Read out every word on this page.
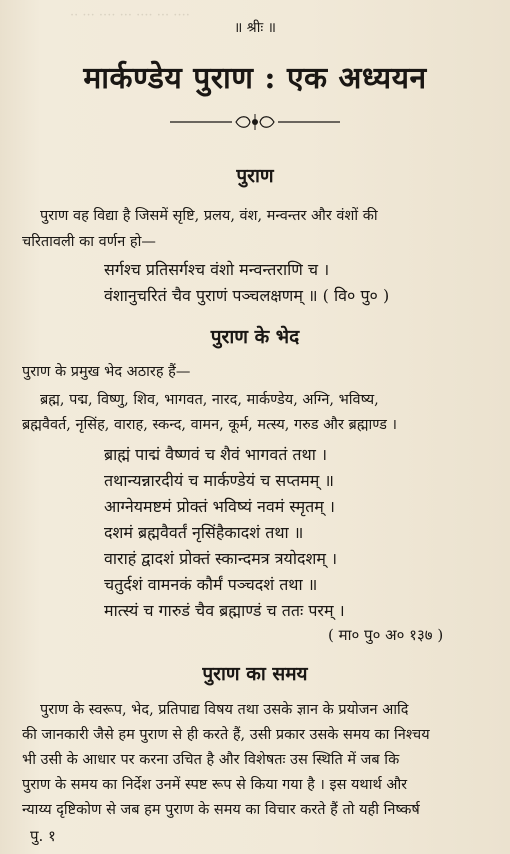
·· ··· ···· ··· ···· ··· ····
॥ श्रीः ॥
मार्कण्डेय पुराण : एक अध्ययन
पुराण
पुराण वह विद्या है जिसमें सृष्टि, प्रलय, वंश, मन्वन्तर और वंशों की
चरितावली का वर्णन हो—
सर्गश्च प्रतिसर्गश्च वंशो मन्वन्तराणि च ।
वंशानुचरितं चैव पुराणं पञ्चलक्षणम् ॥ ( वि० पु० )
पुराण के भेद
पुराण के प्रमुख भेद अठारह हैं—
ब्रह्म, पद्म, विष्णु, शिव, भागवत, नारद, मार्कण्डेय, अग्नि, भविष्य,
ब्रह्मवैवर्त, नृसिंह, वाराह, स्कन्द, वामन, कूर्म, मत्स्य, गरुड और ब्रह्माण्ड ।
ब्राह्मं पाद्मं वैष्णवं च शैवं भागवतं तथा ।
तथान्यन्नारदीयं च मार्कण्डेयं च सप्तमम् ॥
आग्नेयमष्टमं प्रोक्तं भविष्यं नवमं स्मृतम् ।
दशमं ब्रह्मवैवर्तं नृसिंहैकादशं तथा ॥
वाराहं द्वादशं प्रोक्तं स्कान्दमत्र त्रयोदशम् ।
चतुर्दशं वामनकं कौर्मं पञ्चदशं तथा ॥
मात्स्यं च गारुडं चैव ब्रह्माण्डं च ततः परम् ।
( मा० पु० अ० १३७ )
पुराण का समय
पुराण के स्वरूप, भेद, प्रतिपाद्य विषय तथा उसके ज्ञान के प्रयोजन आदि
की जानकारी जैसे हम पुराण से ही करते हैं, उसी प्रकार उसके समय का निश्चय
भी उसी के आधार पर करना उचित है और विशेषतः उस स्थिति में जब कि
पुराण के समय का निर्देश उनमें स्पष्ट रूप से किया गया है । इस यथार्थ और
न्याय्य दृष्टिकोण से जब हम पुराण के समय का विचार करते हैं तो यही निष्कर्ष
पु. १
